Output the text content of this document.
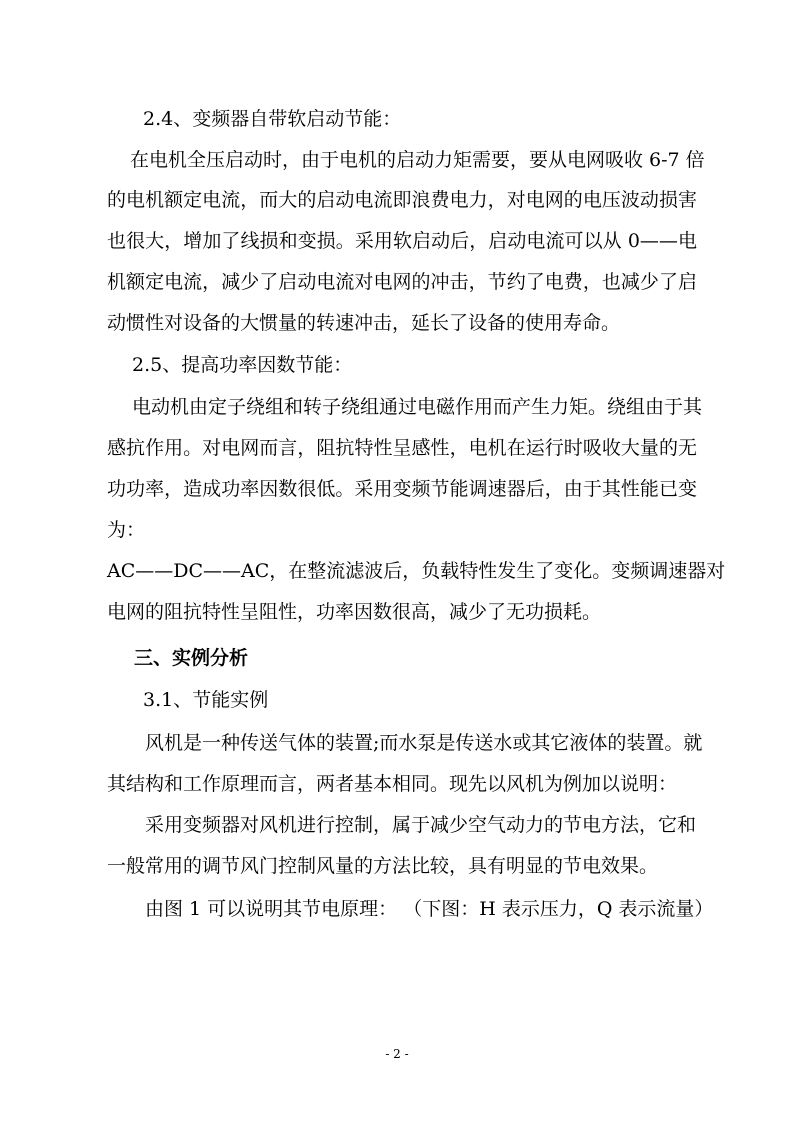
2.4、变频器自带软启动节能：
在电机全压启动时，由于电机的启动力矩需要，要从电网吸收 6-7 倍
的电机额定电流，而大的启动电流即浪费电力，对电网的电压波动损害
也很大，增加了线损和变损。采用软启动后，启动电流可以从 0——电
机额定电流，减少了启动电流对电网的冲击，节约了电费，也减少了启
动惯性对设备的大惯量的转速冲击，延长了设备的使用寿命。
2.5、提高功率因数节能：
电动机由定子绕组和转子绕组通过电磁作用而产生力矩。绕组由于其
感抗作用。对电网而言，阻抗特性呈感性，电机在运行时吸收大量的无
功功率，造成功率因数很低。采用变频节能调速器后，由于其性能已变
为：
AC——DC——AC，在整流滤波后，负载特性发生了变化。变频调速器对
电网的阻抗特性呈阻性，功率因数很高，减少了无功损耗。
三、实例分析
3.1、节能实例
风机是一种传送气体的装置;而水泵是传送水或其它液体的装置。就
其结构和工作原理而言，两者基本相同。现先以风机为例加以说明：
采用变频器对风机进行控制，属于减少空气动力的节电方法，它和
一般常用的调节风门控制风量的方法比较，具有明显的节电效果。
由图 1 可以说明其节电原理： （下图：H 表示压力，Q 表示流量）
- 2 -
